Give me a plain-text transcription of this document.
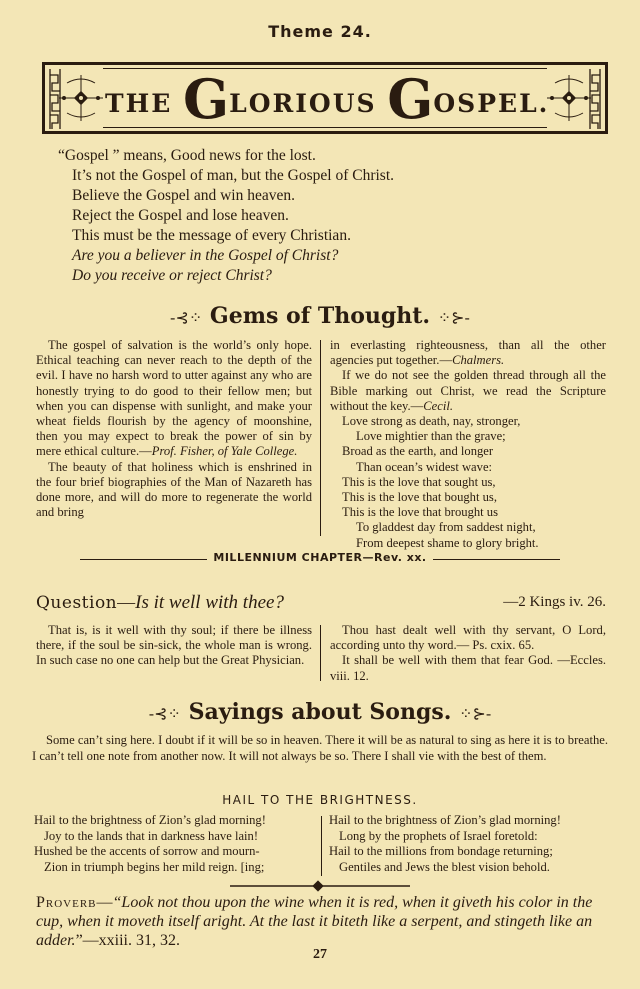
Theme 24.
THE GLORIOUS GOSPEL.
“Gospel ” means, Good news for the lost.
It’s not the Gospel of man, but the Gospel of Christ.
Believe the Gospel and win heaven.
Reject the Gospel and lose heaven.
This must be the message of every Christian.
Are you a believer in the Gospel of Christ?
Do you receive or reject Christ?
-⊰⁘ Gems of Thought. ⁘⊱-

The gospel of salvation is the world’s only hope. Ethical teaching can never reach to the depth of the evil. I have no harsh word to utter against any who are honestly trying to do good to their fellow men; but when you can dispense with sunlight, and make your wheat fields flourish by the agency of moonshine, then you may expect to break the power of sin by mere ethical culture.—Prof. Fisher, of Yale College.

The beauty of that holiness which is enshrined in the four brief biographies of the Man of Nazareth has done more, and will do more to regenerate the world and bring

in everlasting righteousness, than all the other agencies put together.—Chalmers.

If we do not see the golden thread through all the Bible marking out Christ, we read the Scripture without the key.—Cecil.

Love strong as death, nay, stronger,
Love mightier than the grave;
Broad as the earth, and longer
Than ocean’s widest wave:
This is the love that sought us,
This is the love that bought us,
This is the love that brought us
To gladdest day from saddest night,
From deepest shame to glory bright.
MILLENNIUM CHAPTER—Rev. xx.
Question—Is it well with thee?	—2 Kings iv. 26.

That is, is it well with thy soul; if there be illness there, if the soul be sin-sick, the whole man is wrong. In such case no one can help but the Great Physician.

Thou hast dealt well with thy servant, O Lord, according unto thy word.— Ps. cxix. 65.

It shall be well with them that fear God. —Eccles. viii. 12.

-⊰⁘ Sayings about Songs. ⁘⊱-

Some can’t sing here. I doubt if it will be so in heaven. There it will be as natural to sing as here it is to breathe. I can’t tell one note from another now. It will not always be so. There I shall vie with the best of them.

HAIL TO THE BRIGHTNESS.
Hail to the brightness of Zion’s glad morning!
Joy to the lands that in darkness have lain!
Hushed be the accents of sorrow and mourn-
Zion in triumph begins her mild reign. [ing;
Hail to the brightness of Zion’s glad morning!
Long by the prophets of Israel foretold:
Hail to the millions from bondage returning;
Gentiles and Jews the blest vision behold.
Proverb—“Look not thou upon the wine when it is red, when it giveth his color in the cup, when it moveth itself aright. At the last it biteth like a serpent, and stingeth like an adder.”—xxiii. 31, 32.
27
